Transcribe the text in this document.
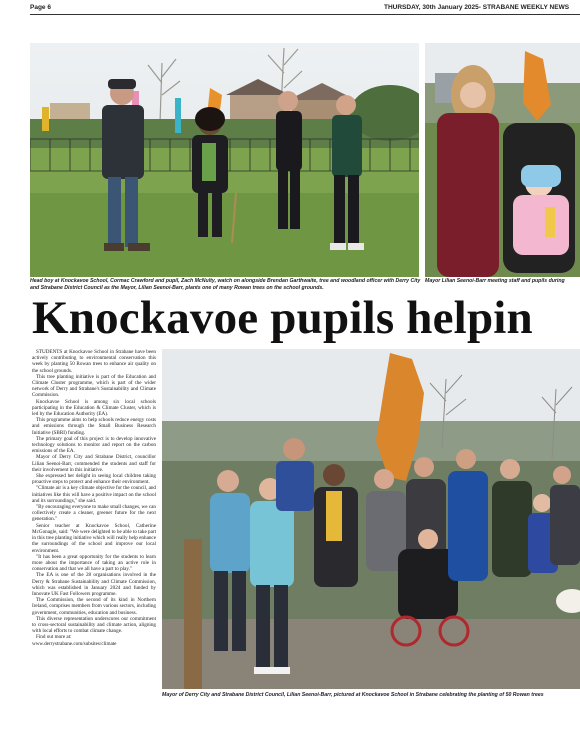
Page 6	THURSDAY, 30th January 2025- STRABANE WEEKLY NEWS
Head boy at Knockavoe School, Cormac Crawford and pupil, Zach McNulty, watch on alongside Brendan Garthwaite, tree and woodland officer with Derry City and Strabane District Council as the Mayor, Lilian Seenoi-Barr, plants one of many Rowan trees on the school grounds.
Mayor Lilian Seenoi-Barr meeting staff and pupils during
Knockavoe pupils helpin

STUDENTS at Knockavoe School in Strabane have been actively contributing to environmental conservation this week by planting 50 Rowan trees to enhance air quality on the school grounds.

This tree planting initiative is part of the Education and Climate Cluster programme, which is part of the wider network of Derry and Strabane's Sustainability and Climate Commission.

Knockavoe School is among six local schools participating in the Education & Climate Cluster, which is led by the Education Authority (EA).

This programme aims to help schools reduce energy costs and emissions through the Small Business Research Initiative (SBRI) funding.

The primary goal of this project is to develop innovative technology solutions to monitor and report on the carbon emissions of the EA.

Mayor of Derry City and Strabane District, councillor Lilian Seenoi-Barr, commended the students and staff for their involvement in this initiative.

She expressed her delight in seeing local children taking proactive steps to protect and enhance their environment.

"Climate air is a key climate objective for the council, and initiatives like this will have a positive impact on the school and its surroundings," she said.

"By encouraging everyone to make small changes, we can collectively create a cleaner, greener future for the next generation."

Senior teacher at Knockavoe School, Catherine McGonagle, said: "We were delighted to be able to take part in this tree planting initiative which will really help enhance the surroundings of the school and improve our local environment.

"It has been a great opportunity for the students to learn more about the importance of taking an active role in conservation and that we all have a part to play."

The EA is one of the 28 organisations involved in the Derry & Strabane Sustainability and Climate Commission, which was established in January 2024 and funded by Innovate UK Fast Followers programme.

The Commission, the second of its kind in Northern Ireland, comprises members from various sectors, including government, communities, education and business.

This diverse representation underscores our commitment to cross-sectoral sustainability and climate action, aligning with local efforts to combat climate change.

Find out more at:

www.derrystrabane.com/subsites/climate

Mayor of Derry City and Strabane District Council, Lilian Seenoi-Barr, pictured at Knockavoe School in Strabane celebrating the planting of 50 Rowan trees
